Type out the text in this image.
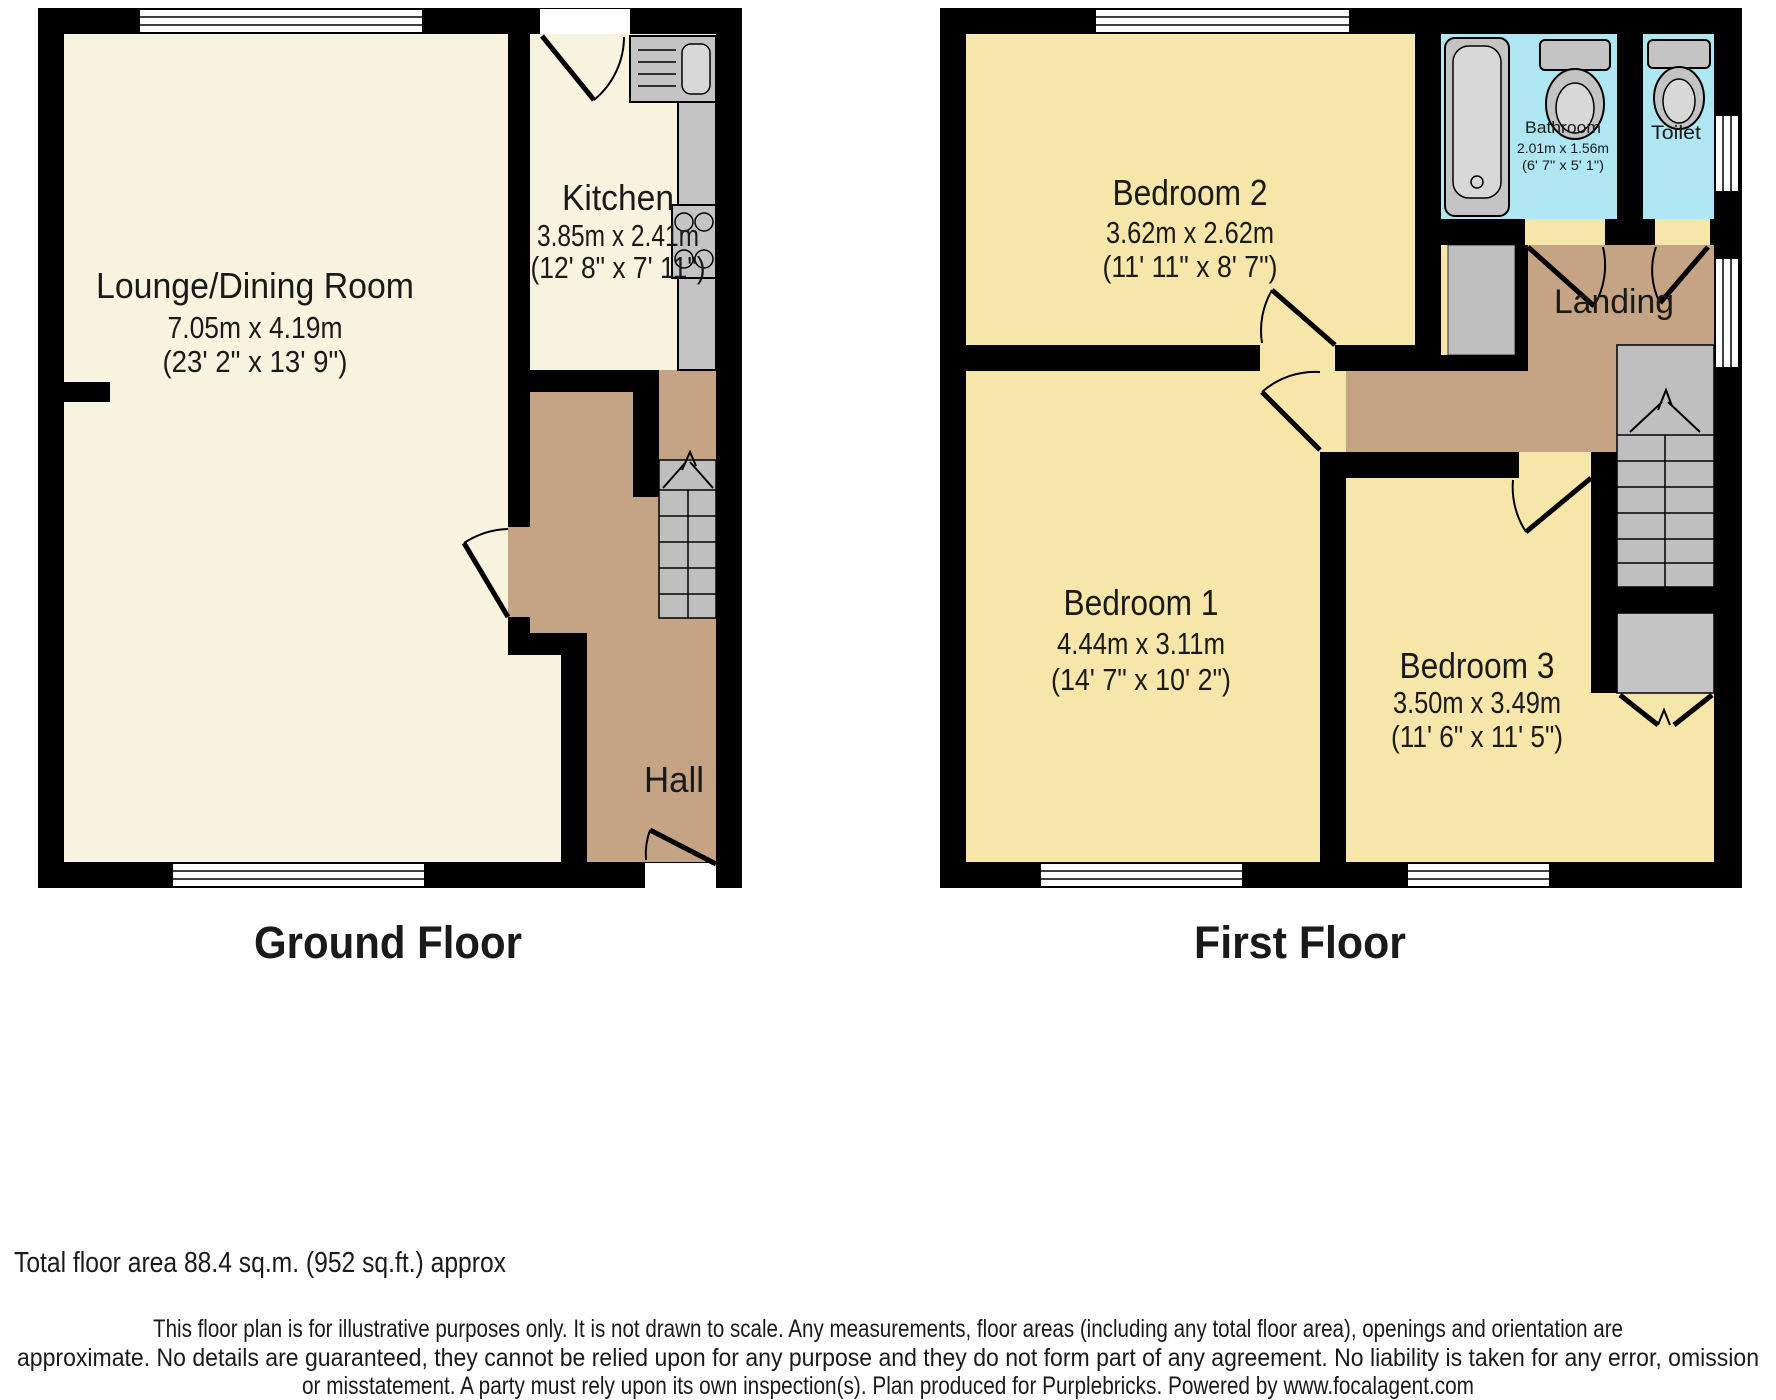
Lounge/Dining Room
7.05m x 4.19m
(23' 2" x 13' 9")
Kitchen
3.85m x 2.41m
(12' 8" x 7' 11")
Hall
Bedroom 2
3.62m x 2.62m
(11' 11" x 8' 7")
Bathroom
2.01m x 1.56m
(6' 7" x 5' 1")
Toilet
Landing
Bedroom 1
4.44m x 3.11m
(14' 7" x 10' 2")	Bedroom 3
3.50m x 3.49m
(11' 6" x 11' 5")
Ground Floor	First Floor
Total floor area 88.4 sq.m. (952 sq.ft.) approx
This floor plan is for illustrative purposes only. It is not drawn to scale. Any measurements, floor areas (including any total floor area), openings and orientation are
approximate. No details are guaranteed, they cannot be relied upon for any purpose and they do not form part of any agreement. No liability is taken for any error, omission
or misstatement. A party must rely upon its own inspection(s). Plan produced for Purplebricks. Powered by www.focalagent.com
